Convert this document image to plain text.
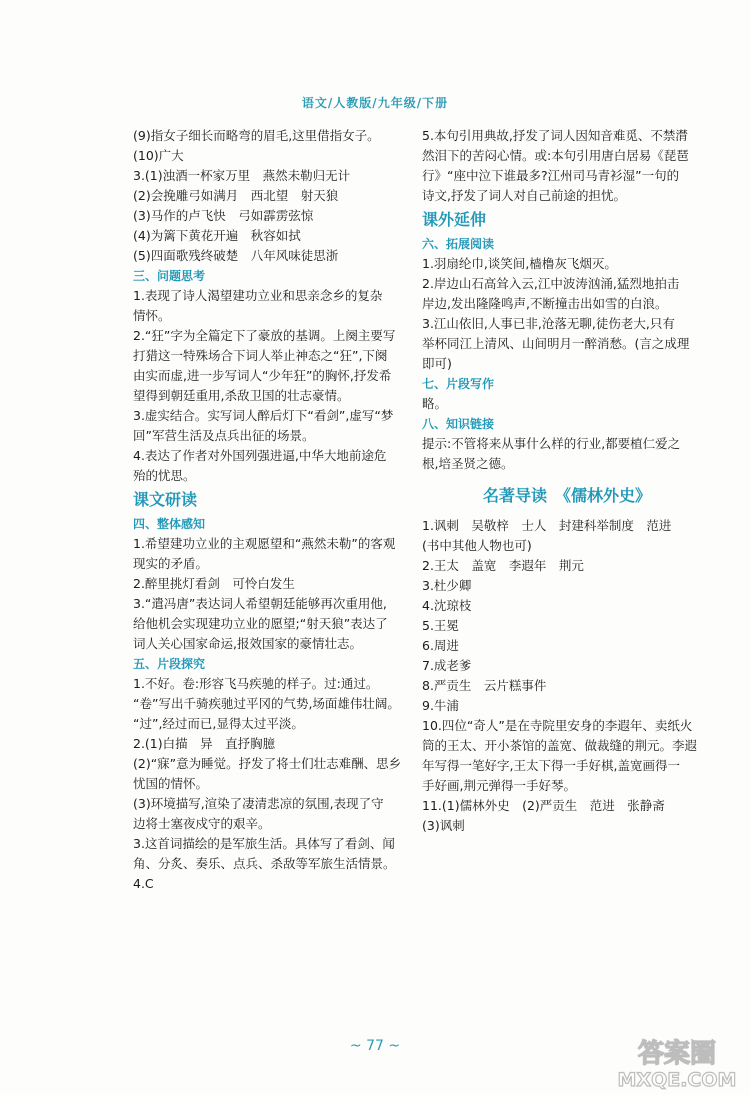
语文/人教版/九年级/下册
(9)指女子细长而略弯的眉毛,这里借指女子。
(10)广大
3.(1)浊酒一杯家万里　燕然未勒归无计
(2)会挽雕弓如满月　西北望　射天狼
(3)马作的卢飞快　弓如霹雳弦惊
(4)为篱下黄花开遍　秋容如拭
(5)四面歌残终破楚　八年风味徒思浙
三、问题思考
1.表现了诗人渴望建功立业和思亲念乡的复杂
情怀。
2.“狂”字为全篇定下了豪放的基调。上阕主要写
打猎这一特殊场合下词人举止神态之“狂”,下阕
由实而虚,进一步写词人“少年狂”的胸怀,抒发希
望得到朝廷重用,杀敌卫国的壮志豪情。
3.虚实结合。实写词人醉后灯下“看剑”,虚写“梦
回”军营生活及点兵出征的场景。
4.表达了作者对外国列强进逼,中华大地前途危
殆的忧思。
课文研读
四、整体感知
1.希望建功立业的主观愿望和“燕然未勒”的客观
现实的矛盾。
2.醉里挑灯看剑　可怜白发生
3.“遣冯唐”表达词人希望朝廷能够再次重用他,
给他机会实现建功立业的愿望;“射天狼”表达了
词人关心国家命运,报效国家的豪情壮志。
五、片段探究
1.不好。卷:形容飞马疾驰的样子。过:通过。
“卷”写出千骑疾驰过平冈的气势,场面雄伟壮阔。
“过”,经过而已,显得太过平淡。
2.(1)白描　异　直抒胸臆
(2)“寐”意为睡觉。抒发了将士们壮志难酬、思乡
忧国的情怀。
(3)环境描写,渲染了凄清悲凉的氛围,表现了守
边将士塞夜戍守的艰辛。
3.这首词描绘的是军旅生活。具体写了看剑、闻
角、分炙、奏乐、点兵、杀敌等军旅生活情景。
4.C
5.本句引用典故,抒发了词人因知音难觅、不禁潸
然泪下的苦闷心情。或:本句引用唐白居易《琵琶
行》“座中泣下谁最多?江州司马青衫湿”一句的
诗文,抒发了词人对自己前途的担忧。
课外延伸
六、拓展阅读
1.羽扇纶巾,谈笑间,樯橹灰飞烟灭。
2.岸边山石高耸入云,江中波涛汹涌,猛烈地拍击
岸边,发出隆隆鸣声,不断撞击出如雪的白浪。
3.江山依旧,人事已非,沧落无聊,徒伤老大,只有
举杯同江上清风、山间明月一醉消愁。(言之成理
即可)
七、片段写作
略。
八、知识链接
提示:不管将来从事什么样的行业,都要植仁爱之
根,培圣贤之德。
名著导读　《儒林外史》
1.讽刺　吴敬梓　士人　封建科举制度　范进
(书中其他人物也可)
2.王太　盖宽　李遐年　荆元
3.杜少卿
4.沈琼枝
5.王冕
6.周进
7.成老爹
8.严贡生　云片糕事件
9.牛浦
10.四位“奇人”是在寺院里安身的李遐年、卖纸火
筒的王太、开小茶馆的盖宽、做裁缝的荆元。李遐
年写得一笔好字,王太下得一手好棋,盖宽画得一
手好画,荆元弹得一手好琴。
11.(1)儒林外史　(2)严贡生　范进　张静斋
(3)讽刺
~ 77 ~	答案圈
MXQE.COM
